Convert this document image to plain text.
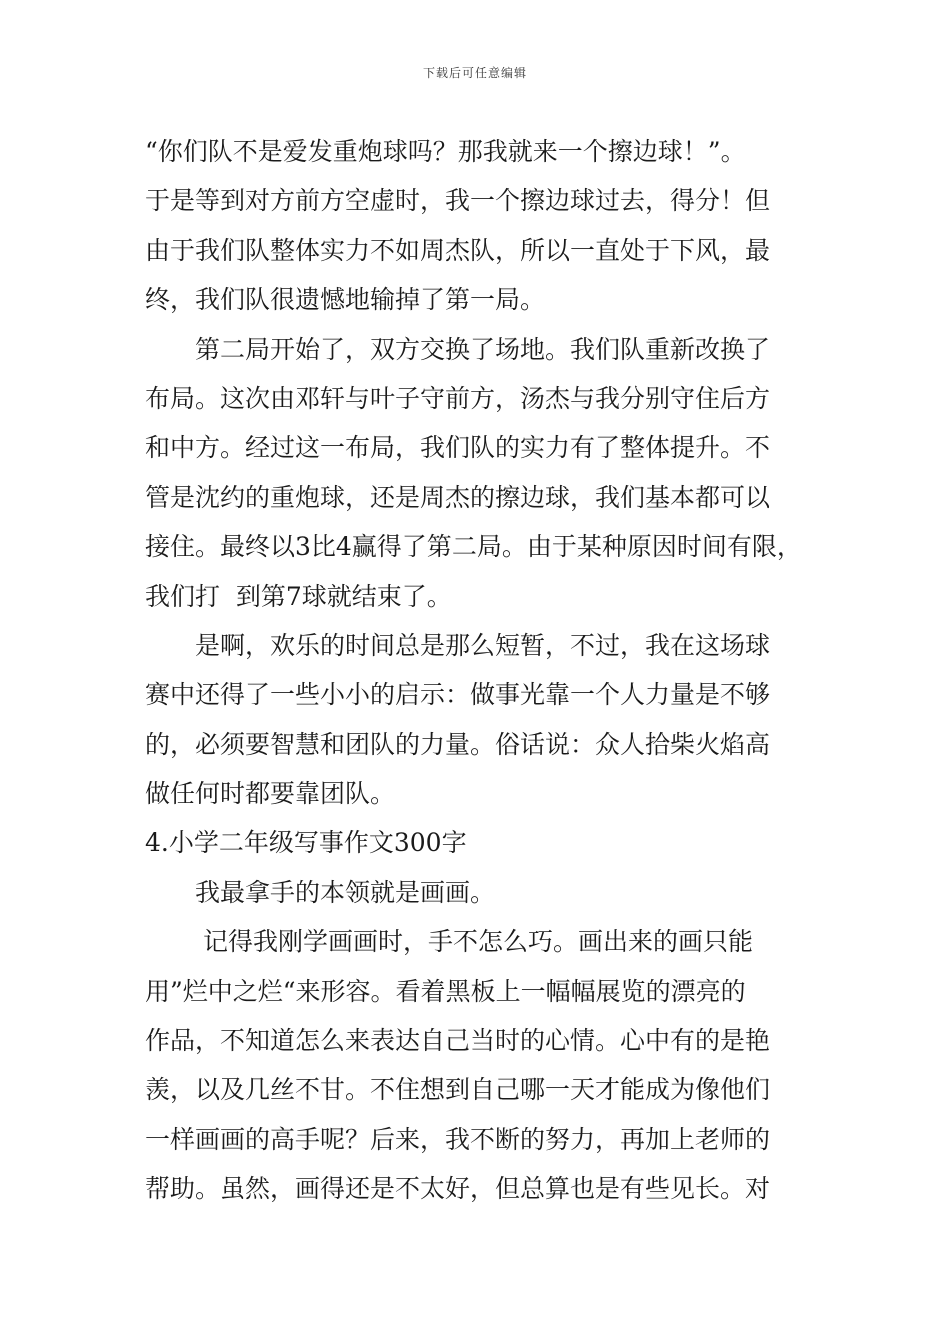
下载后可任意编辑
“你们队不是爱发重炮球吗？那我就来一个擦边球！”。
于是等到对方前方空虚时，我一个擦边球过去，得分！但
由于我们队整体实力不如周杰队，所以一直处于下风，最
终，我们队很遗憾地输掉了第一局。
第二局开始了，双方交换了场地。我们队重新改换了
布局。这次由邓轩与叶子守前方，汤杰与我分别守住后方
和中方。经过这一布局，我们队的实力有了整体提升。不
管是沈约的重炮球，还是周杰的擦边球，我们基本都可以
接住。最终以3比4赢得了第二局。由于某种原因时间有限，
我们打  到第7球就结束了。
是啊，欢乐的时间总是那么短暂，不过，我在这场球
赛中还得了一些小小的启示：做事光靠一个人力量是不够
的，必须要智慧和团队的力量。俗话说：众人拾柴火焰高
做任何时都要靠团队。
4.小学二年级写事作文300字
我最拿手的本领就是画画。
记得我刚学画画时，手不怎么巧。画出来的画只能
用”烂中之烂“来形容。看着黑板上一幅幅展览的漂亮的
作品，不知道怎么来表达自己当时的心情。心中有的是艳
羡，以及几丝不甘。不住想到自己哪一天才能成为像他们
一样画画的高手呢？后来，我不断的努力，再加上老师的
帮助。虽然，画得还是不太好，但总算也是有些见长。对
